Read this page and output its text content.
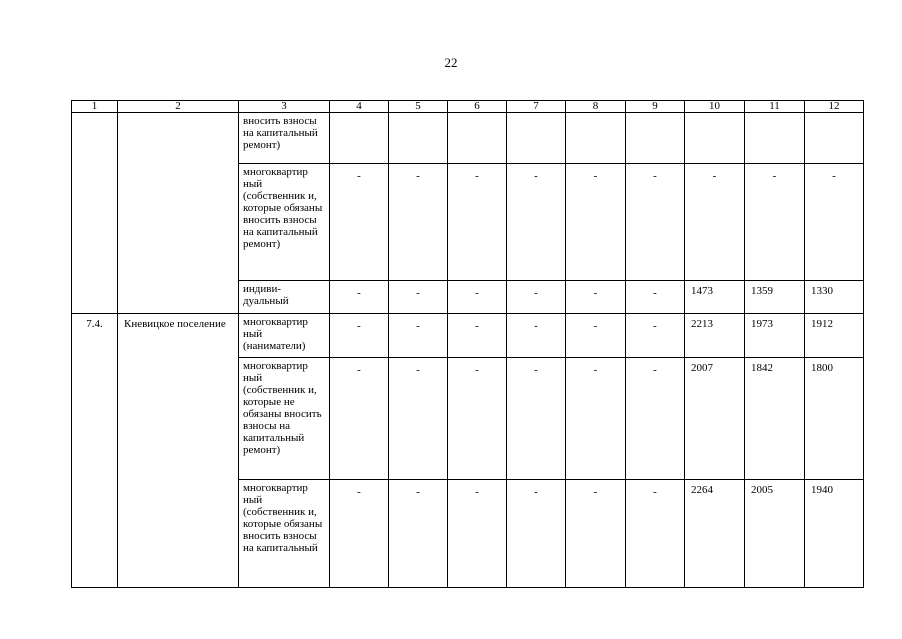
22
1	2	3	4	5	6	7	8	9	10	11	12
		вносить взносы на капитальный ремонт)									
		многоквартир ный (собственник и, которые обязаны вносить взносы на капитальный ремонт)	-	-	-	-	-	-	-	-	-
		индиви- дуальный	-	-	-	-	-	-	1473	1359	1330
7.4.	Кневицкое поселение	многоквартир ный (наниматели)	-	-	-	-	-	-	2213	1973	1912
		многоквартир ный (собственник и, которые не обязаны вносить взносы на капитальный ремонт)	-	-	-	-	-	-	2007	1842	1800
		многоквартир ный (собственник и, которые обязаны вносить взносы на капитальный	-	-	-	-	-	-	2264	2005	1940
